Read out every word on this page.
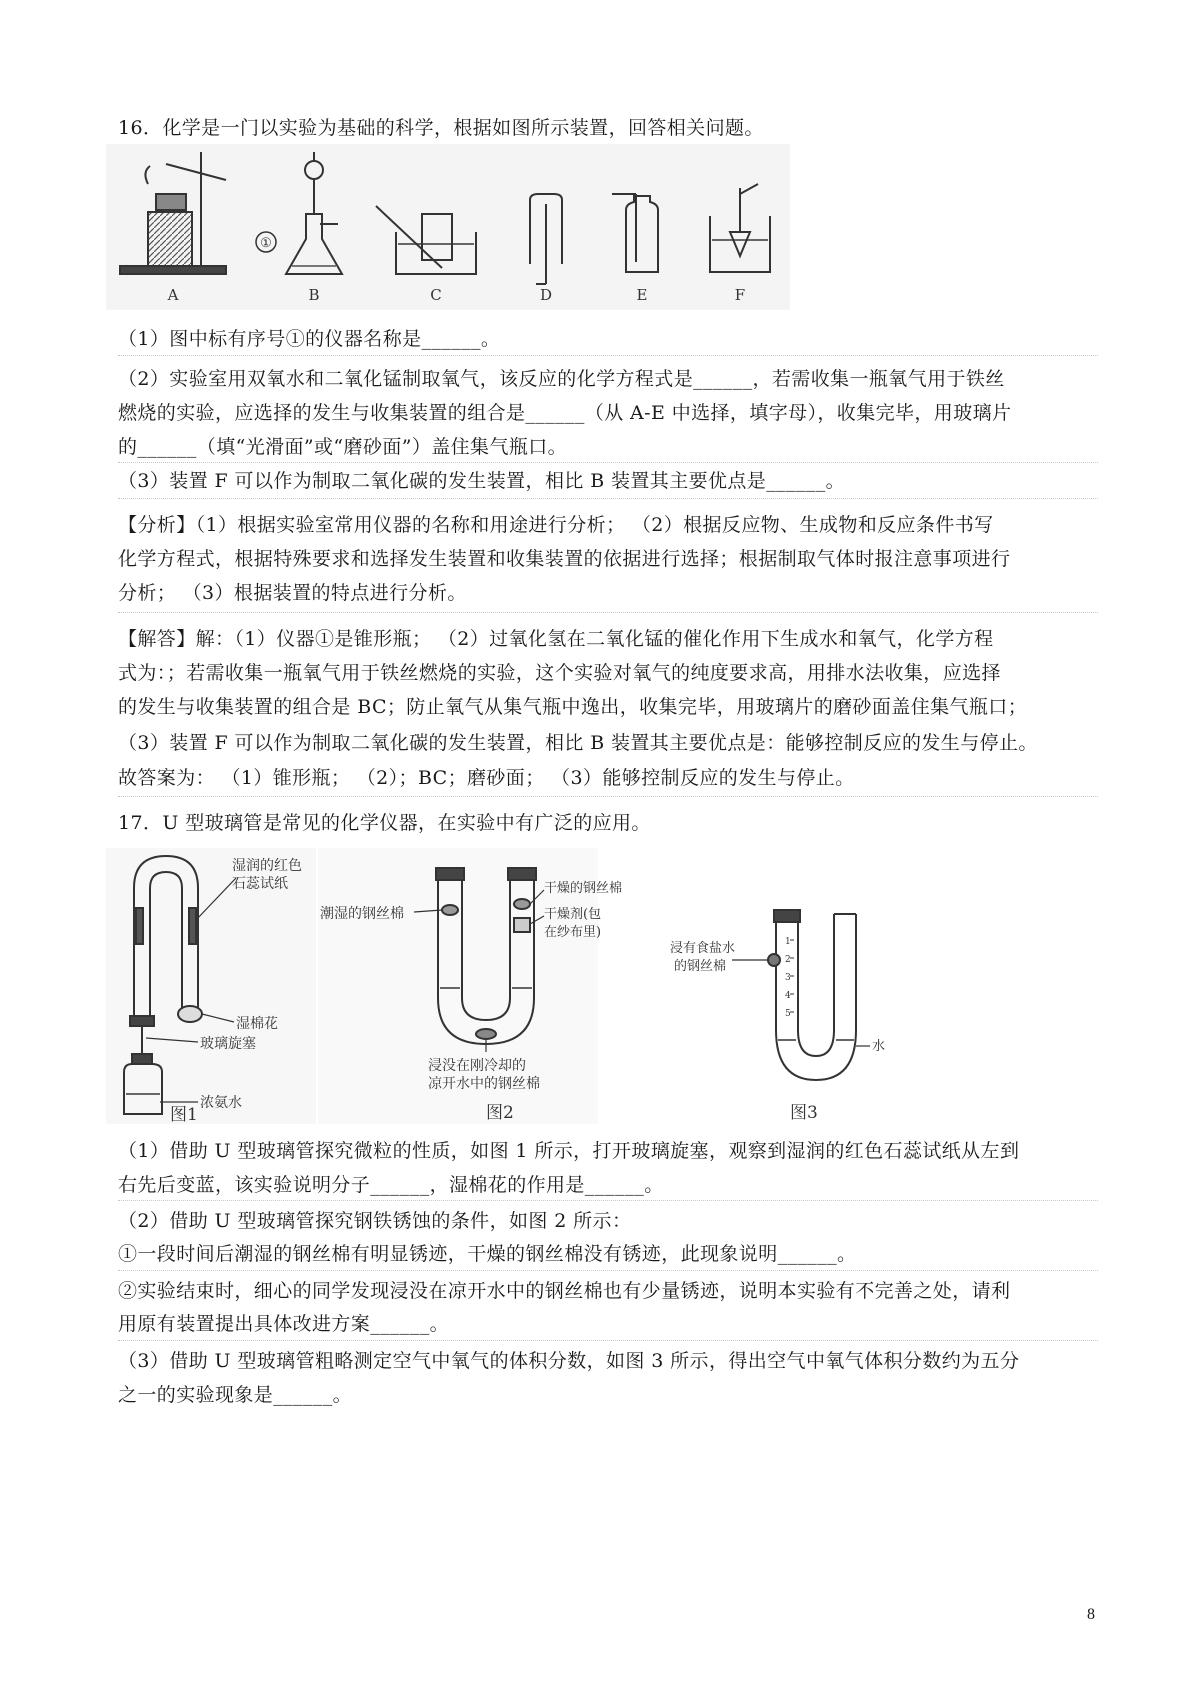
16．化学是一门以实验为基础的科学，根据如图所示装置，回答相关问题。
A	B	C	D	E	F
①
（1）图中标有序号①的仪器名称是______。
（2）实验室用双氧水和二氧化锰制取氧气，该反应的化学方程式是______，若需收集一瓶氧气用于铁丝
燃烧的实验，应选择的发生与收集装置的组合是______（从 A-E 中选择，填字母），收集完毕，用玻璃片
的______（填“光滑面”或“磨砂面”）盖住集气瓶口。
（3）装置 F 可以作为制取二氧化碳的发生装置，相比 B 装置其主要优点是______。
【分析】（1）根据实验室常用仪器的名称和用途进行分析； （2）根据反应物、生成物和反应条件书写
化学方程式，根据特殊要求和选择发生装置和收集装置的依据进行选择；根据制取气体时报注意事项进行
分析； （3）根据装置的特点进行分析。
【解答】解：（1）仪器①是锥形瓶； （2）过氧化氢在二氧化锰的催化作用下生成水和氧气，化学方程
式为：；若需收集一瓶氧气用于铁丝燃烧的实验，这个实验对氧气的纯度要求高，用排水法收集，应选择
的发生与收集装置的组合是 BC；防止氧气从集气瓶中逸出，收集完毕，用玻璃片的磨砂面盖住集气瓶口；
（3）装置 F 可以作为制取二氧化碳的发生装置，相比 B 装置其主要优点是：能够控制反应的发生与停止。
故答案为： （1）锥形瓶； （2）；BC；磨砂面； （3）能够控制反应的发生与停止。
17．U 型玻璃管是常见的化学仪器，在实验中有广泛的应用。
湿润的红色
石蕊试纸
湿棉花
玻璃旋塞
浓氨水
图1
潮湿的钢丝棉
干燥的钢丝棉
干燥剂(包
在纱布里)
浸没在刚冷却的
凉开水中的钢丝棉
图2
浸有食盐水
的钢丝棉
水
1
2
3
4
5
图3
（1）借助 U 型玻璃管探究微粒的性质，如图 1 所示，打开玻璃旋塞，观察到湿润的红色石蕊试纸从左到
右先后变蓝，该实验说明分子______，湿棉花的作用是______。
（2）借助 U 型玻璃管探究钢铁锈蚀的条件，如图 2 所示：
①一段时间后潮湿的钢丝棉有明显锈迹，干燥的钢丝棉没有锈迹，此现象说明______。
②实验结束时，细心的同学发现浸没在凉开水中的钢丝棉也有少量锈迹，说明本实验有不完善之处，请利
用原有装置提出具体改进方案______。
（3）借助 U 型玻璃管粗略测定空气中氧气的体积分数，如图 3 所示，得出空气中氧气体积分数约为五分
之一的实验现象是______。
8
